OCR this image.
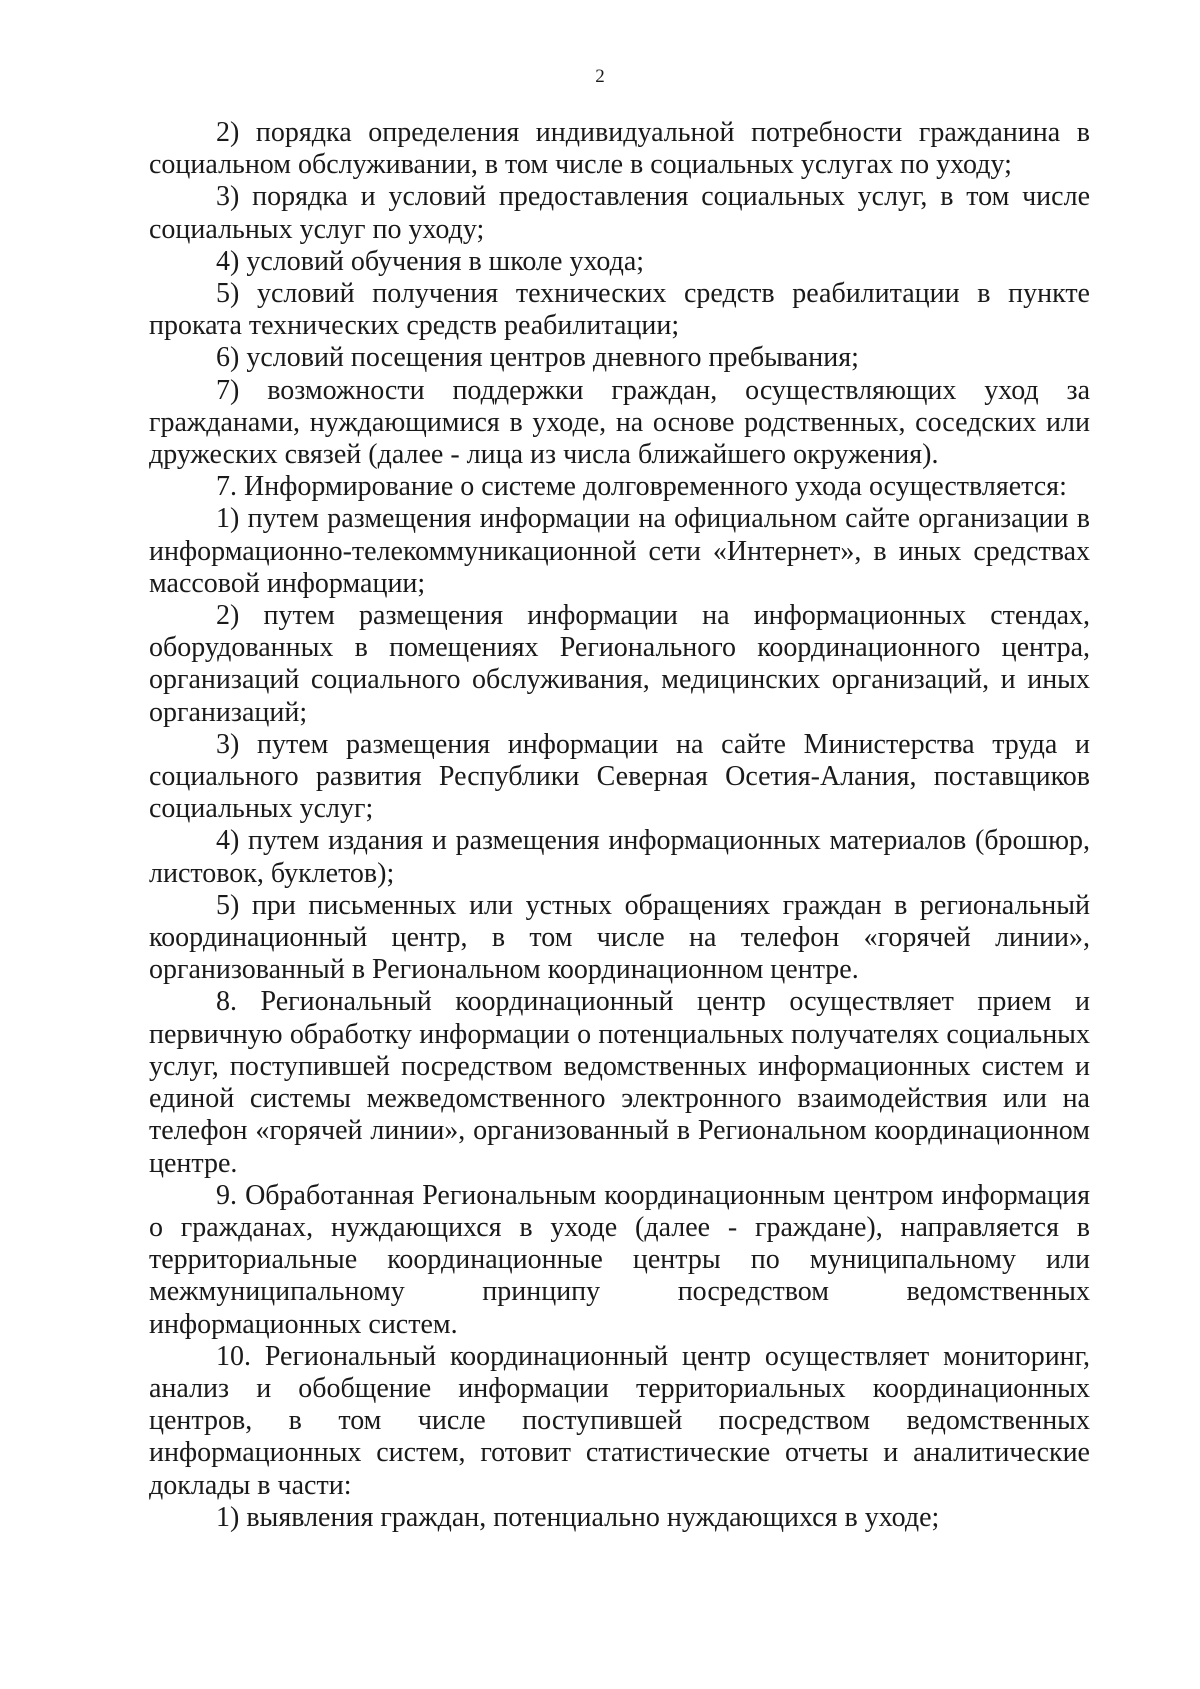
2

2) порядка определения индивидуальной потребности гражданина в социальном обслуживании, в том числе в социальных услугах по уходу;

3) порядка и условий предоставления социальных услуг, в том числе социальных услуг по уходу;

4) условий обучения в школе ухода;

5) условий получения технических средств реабилитации в пункте проката технических средств реабилитации;

6) условий посещения центров дневного пребывания;

7) возможности поддержки граждан, осуществляющих уход за гражданами, нуждающимися в уходе, на основе родственных, соседских или дружеских связей (далее - лица из числа ближайшего окружения).

7. Информирование о системе долговременного ухода осуществляется:

1) путем размещения информации на официальном сайте организации в информационно-телекоммуникационной сети «Интернет», в иных средствах массовой информации;

2) путем размещения информации на информационных стендах, оборудованных в помещениях Регионального координационного центра, организаций социального обслуживания, медицинских организаций, и иных организаций;

3) путем размещения информации на сайте Министерства труда и социального развития Республики Северная Осетия-Алания, поставщиков социальных услуг;

4) путем издания и размещения информационных материалов (брошюр, листовок, буклетов);

5) при письменных или устных обращениях граждан в региональный координационный центр, в том числе на телефон «горячей линии», организованный в Региональном координационном центре.

8. Региональный координационный центр осуществляет прием и первичную обработку информации о потенциальных получателях социальных услуг, поступившей посредством ведомственных информационных систем и единой системы межведомственного электронного взаимодействия или на телефон «горячей линии», организованный в Региональном координационном центре.

9. Обработанная Региональным координационным центром информация о гражданах, нуждающихся в уходе (далее - граждане), направляется в территориальные координационные центры по муниципальному или межмуниципальному принципу посредством ведомственных информационных систем.

10. Региональный координационный центр осуществляет мониторинг, анализ и обобщение информации территориальных координационных центров, в том числе поступившей посредством ведомственных информационных систем, готовит статистические отчеты и аналитические доклады в части:

1) выявления граждан, потенциально нуждающихся в уходе;
